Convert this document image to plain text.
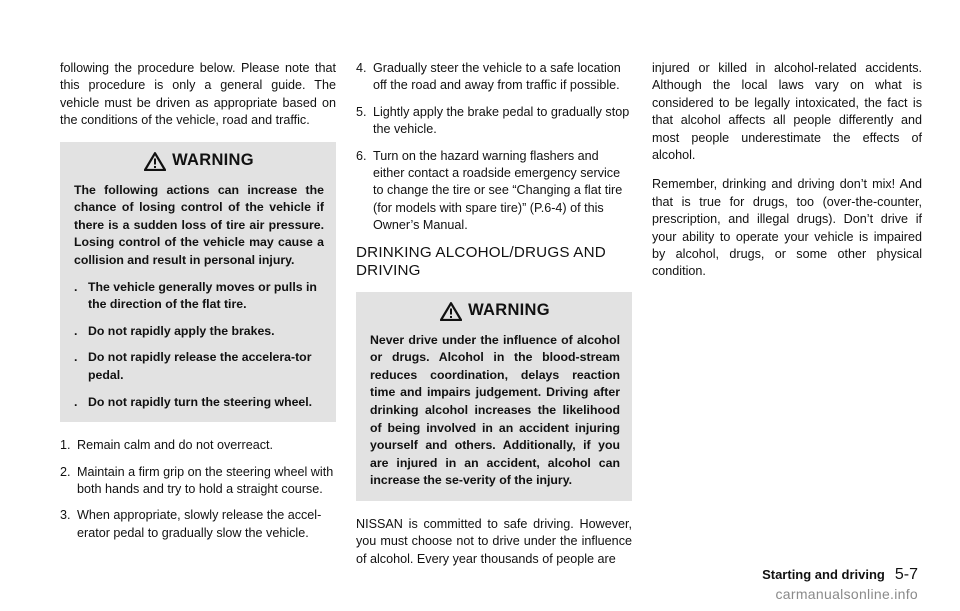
following the procedure below. Please note that this procedure is only a general guide. The vehicle must be driven as appropriate based on the conditions of the vehicle, road and traffic.

WARNING
The following actions can increase the chance of losing control of the vehicle if there is a sudden loss of tire air pressure. Losing control of the vehicle may cause a collision and result in personal injury.
. The vehicle generally moves or pulls in the direction of the flat tire.
. Do not rapidly apply the brakes.
. Do not rapidly release the accelera-tor pedal.
. Do not rapidly turn the steering wheel.
1. Remain calm and do not overreact.
2. Maintain a firm grip on the steering wheel with both hands and try to hold a straight course.
3. When appropriate, slowly release the accel-erator pedal to gradually slow the vehicle.
4. Gradually steer the vehicle to a safe location off the road and away from traffic if possible.
5. Lightly apply the brake pedal to gradually stop the vehicle.
6. Turn on the hazard warning flashers and either contact a roadside emergency service to change the tire or see “Changing a flat tire (for models with spare tire)” (P.6-4) of this Owner’s Manual.
DRINKING ALCOHOL/DRUGS AND DRIVING
WARNING
Never drive under the influence of alcohol or drugs. Alcohol in the blood-stream reduces coordination, delays reaction time and impairs judgement. Driving after drinking alcohol increases the likelihood of being involved in an accident injuring yourself and others. Additionally, if you are injured in an accident, alcohol can increase the se-verity of the injury.

NISSAN is committed to safe driving. However, you must choose not to drive under the influence of alcohol. Every year thousands of people are

injured or killed in alcohol-related accidents. Although the local laws vary on what is considered to be legally intoxicated, the fact is that alcohol affects all people differently and most people underestimate the effects of alcohol.

Remember, drinking and driving don’t mix! And that is true for drugs, too (over-the-counter, prescription, and illegal drugs). Don’t drive if your ability to operate your vehicle is impaired by alcohol, drugs, or some other physical condition.

Starting and driving 5-7
carmanualsonline.info
